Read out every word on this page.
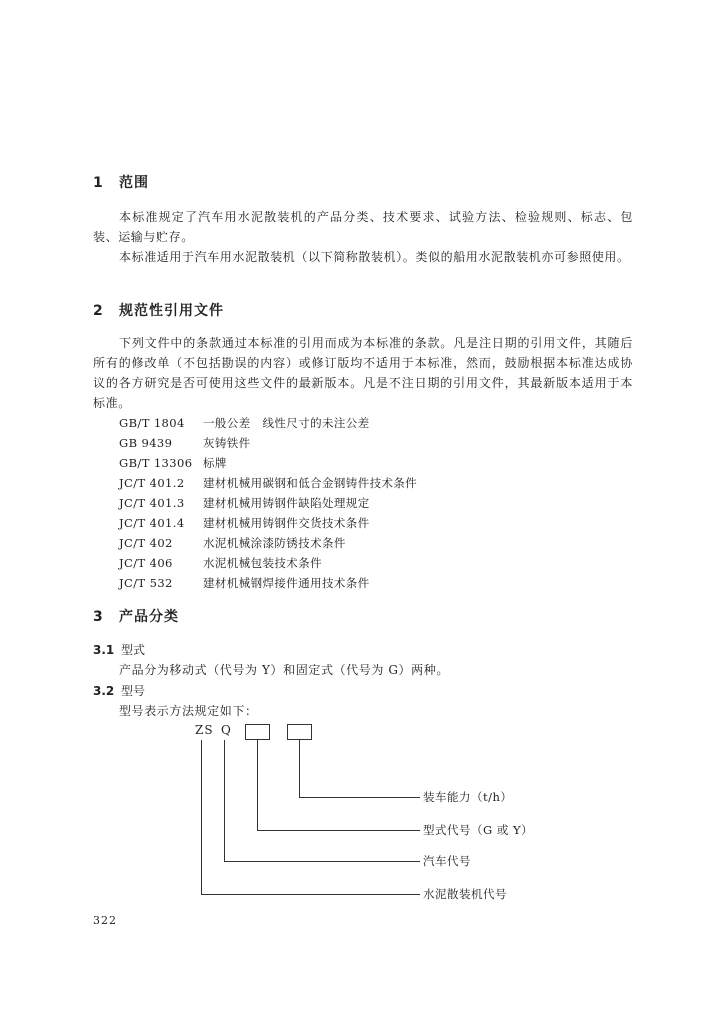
1 范围
本标准规定了汽车用水泥散装机的产品分类、技术要求、试验方法、检验规则、标志、包装、运输与贮存。
本标准适用于汽车用水泥散装机（以下简称散装机）。类似的船用水泥散装机亦可参照使用。
2 规范性引用文件
下列文件中的条款通过本标准的引用而成为本标准的条款。凡是注日期的引用文件，其随后所有的修改单（不包括勘误的内容）或修订版均不适用于本标准，然而，鼓励根据本标准达成协议的各方研究是否可使用这些文件的最新版本。凡是不注日期的引用文件，其最新版本适用于本标准。
GB/T 1804 一般公差　线性尺寸的未注公差
GB 9439	灰铸铁件
GB/T 13306 标牌
JC/T 401.2 建材机械用碳钢和低合金钢铸件技术条件
JC/T 401.3 建材机械用铸钢件缺陷处理规定
JC/T 401.4 建材机械用铸钢件交货技术条件
JC/T 402	水泥机械涂漆防锈技术条件
JC/T 406	水泥机械包装技术条件
JC/T 532	建材机械钢焊接件通用技术条件
3 产品分类
3.1 型式
产品分为移动式（代号为 Y）和固定式（代号为 G）两种。
3.2 型号
型号表示方法规定如下：
ZS Q
装车能力（t/h）
型式代号（G 或 Y）
汽车代号
水泥散装机代号
322
